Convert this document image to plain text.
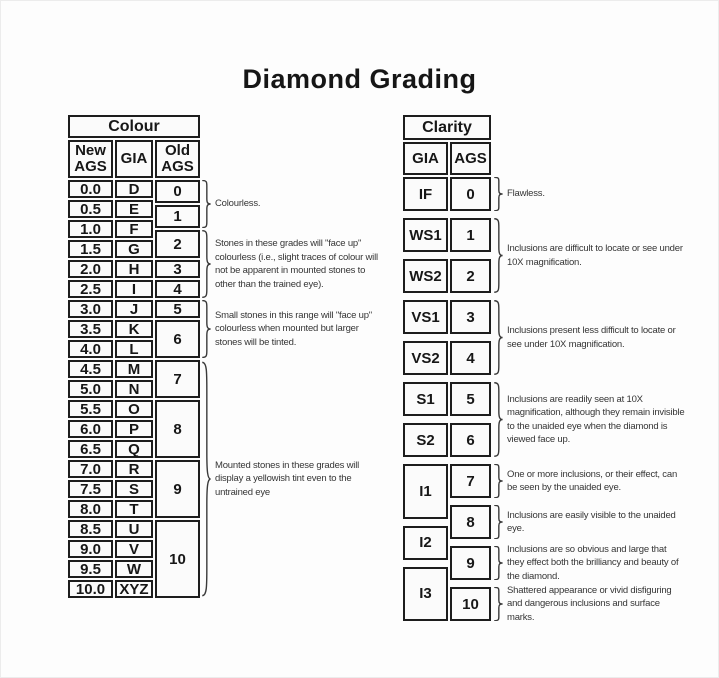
Diamond Grading
Colour
New AGS GIA	Old AGS
0.0
0.5
1.0
1.5
2.0
2.5
3.0
3.5
4.0
4.5
5.0
5.5
6.0
6.5
7.0
7.5
8.0
8.5
9.0
9.5
10.0
D
E
F
G
H
I
J
K
L
M
N
O
P
Q
R
S
T
U
V
W
XYZ
0
1
2
3
4
5
6
7
8
9
10
Colourless.
Stones in these grades will "face up" colourless (i.e., slight traces of colour will not be apparent in mounted stones to other than the trained eye).
Small stones in this range will "face up" colourless when mounted but larger stones will be tinted.
Mounted stones in these grades will display a yellowish tint even to the untrained eye
Clarity
GIA	AGS
IF
WS1
WS2
VS1
VS2
S1
S2
I1
I2
I3
0
1
2
3
4
5
6
7
8
9
10
Flawless.
Inclusions are difficult to locate or see under 10X magnification.
Inclusions present less difficult to locate or see under 10X magnification.
Inclusions are readily seen at 10X magnification, although they remain invisible to the unaided eye when the diamond is viewed face up.
One or more inclusions, or their effect, can be seen by the unaided eye.
Inclusions are easily visible to the unaided eye.
Inclusions are so obvious and large that they effect both the brilliancy and beauty of the diamond.
Shattered appearance or vivid disfiguring and dangerous inclusions and surface marks.
